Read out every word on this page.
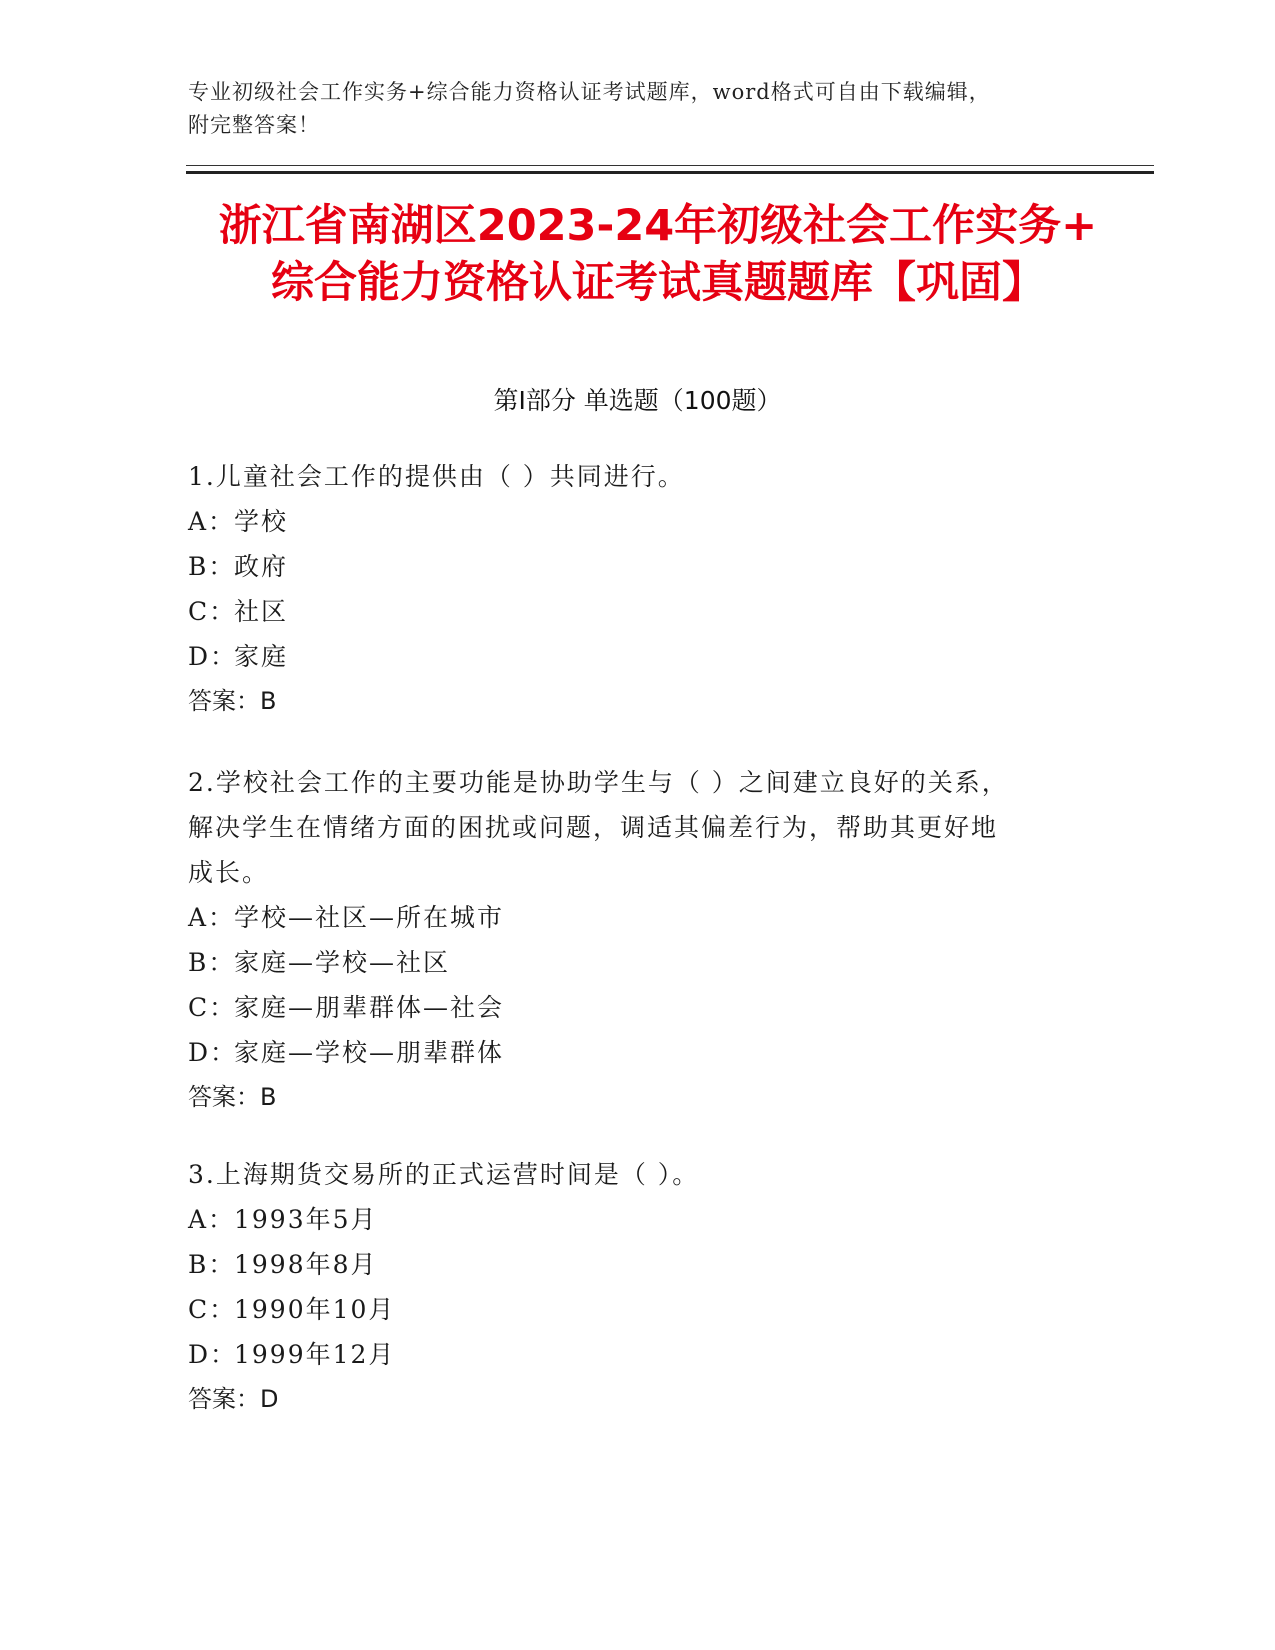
专业初级社会工作实务+综合能力资格认证考试题库，word格式可自由下载编辑，
附完整答案！
浙江省南湖区2023-24年初级社会工作实务+
综合能力资格认证考试真题题库【巩固】
第Ⅰ部分 单选题（100题）

1.儿童社会工作的提供由（ ）共同进行。

A：学校

B：政府

C：社区

D：家庭

答案：B

2.学校社会工作的主要功能是协助学生与（ ）之间建立良好的关系，

解决学生在情绪方面的困扰或问题，调适其偏差行为，帮助其更好地

成长。

A：学校—社区—所在城市

B：家庭—学校—社区

C：家庭—朋辈群体—社会

D：家庭—学校—朋辈群体

答案：B

3.上海期货交易所的正式运营时间是（ ）。

A：1993年5月

B：1998年8月

C：1990年10月

D：1999年12月

答案：D
